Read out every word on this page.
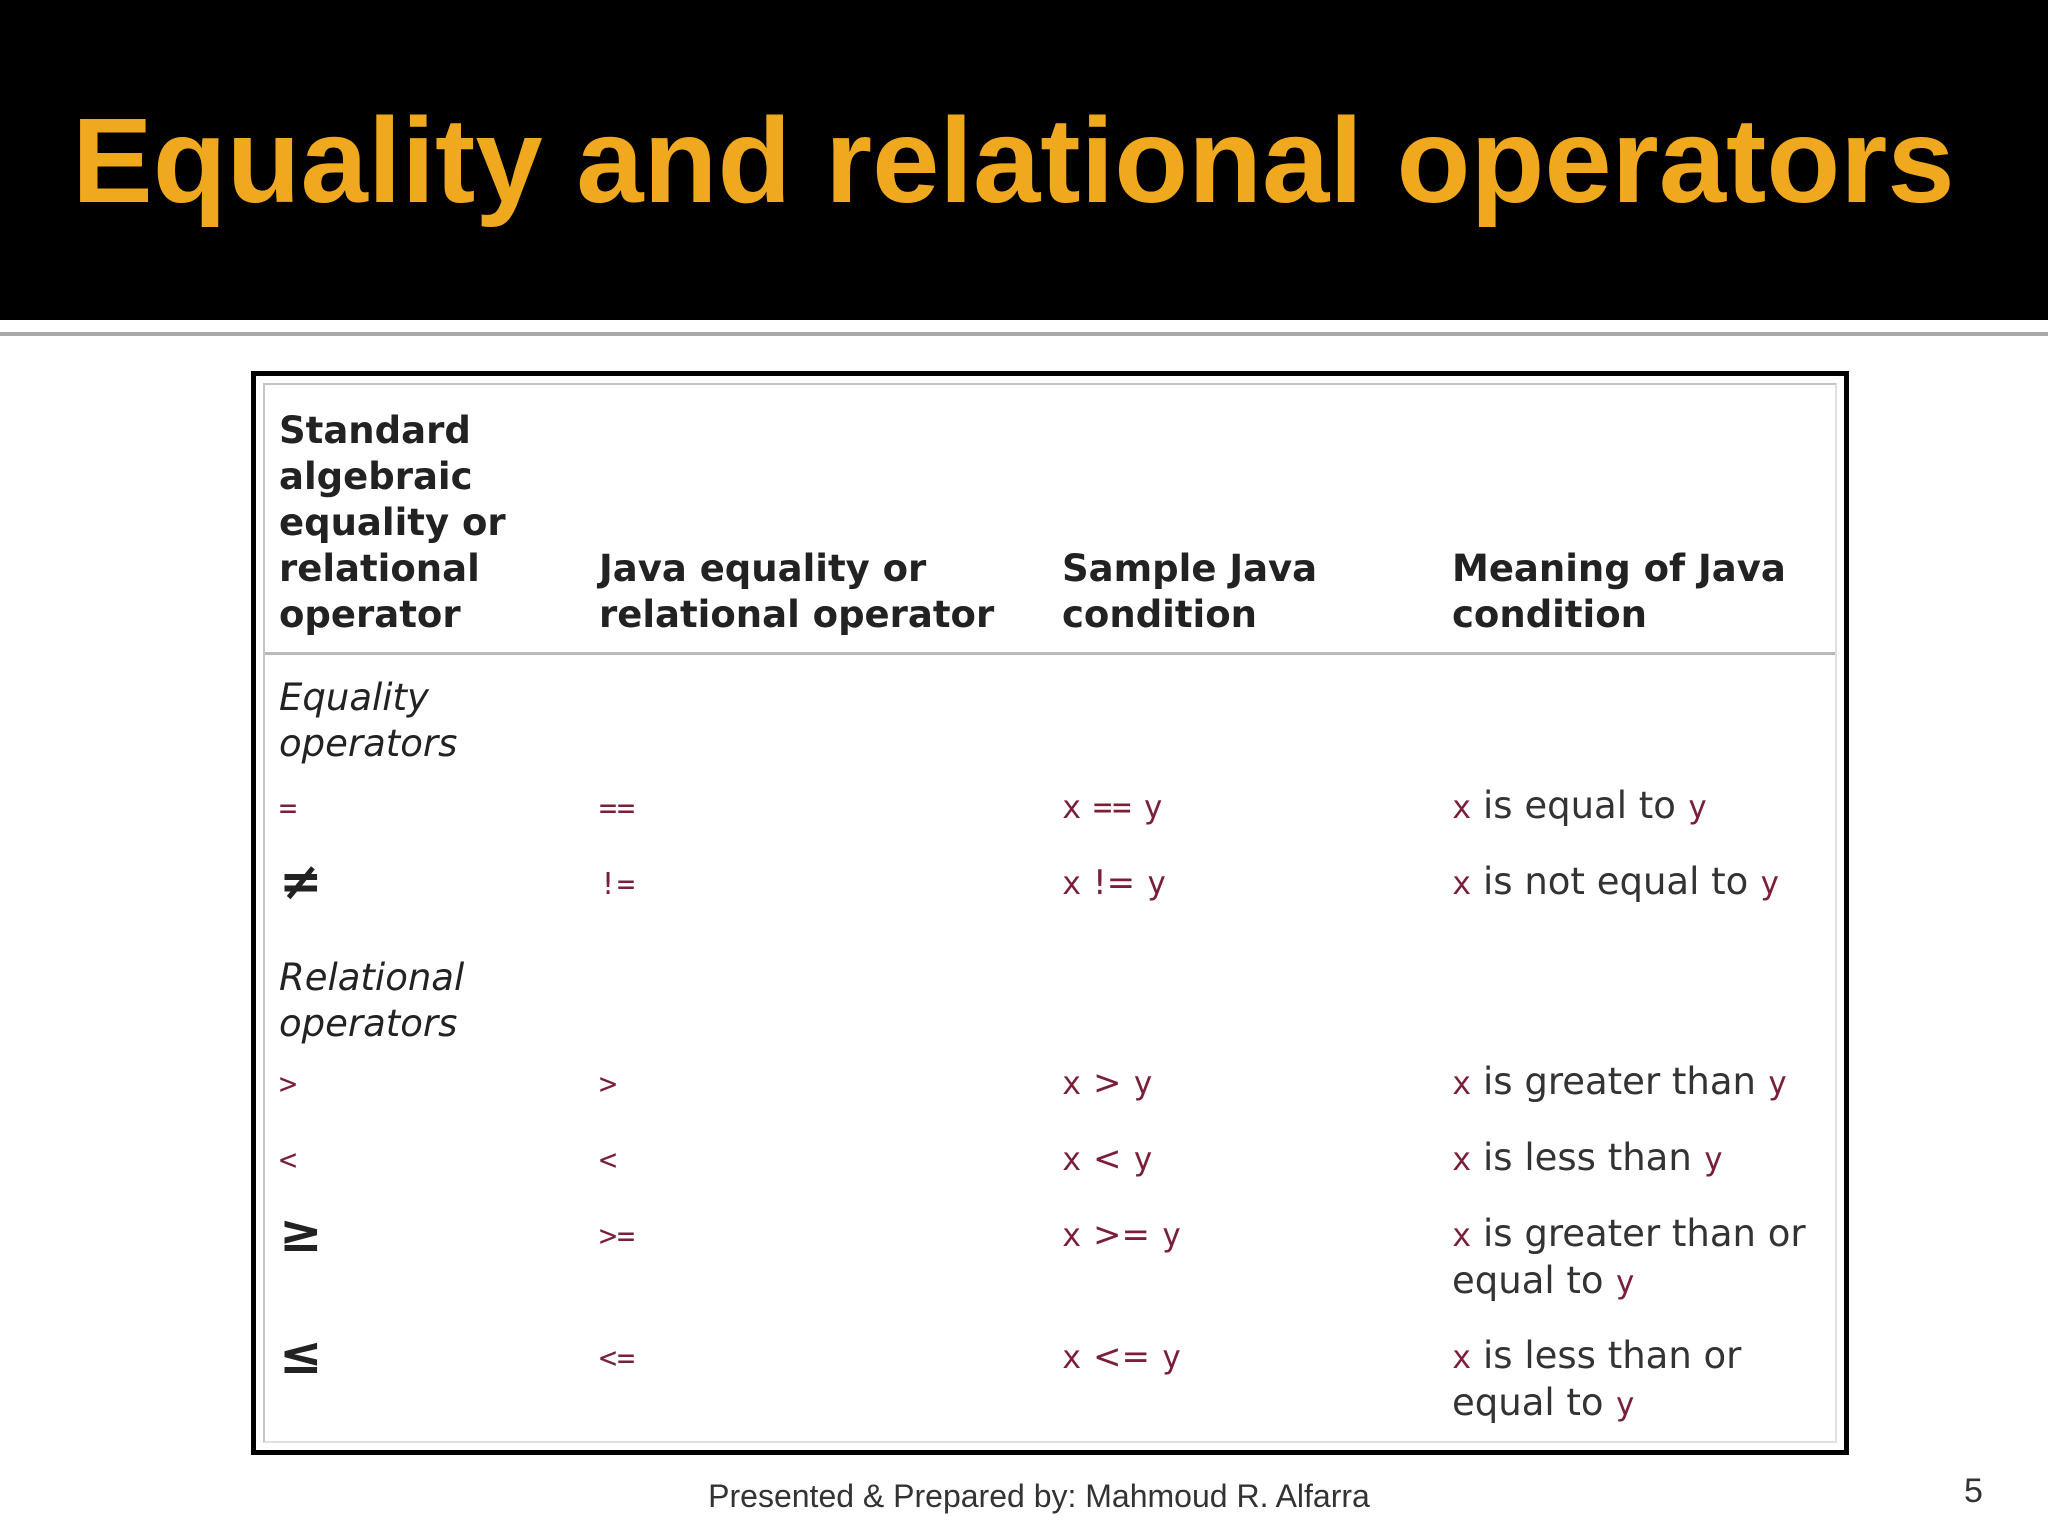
Equality and relational operators
Standard algebraic equality or relational operator	Java equality or relational operator	Sample Java condition	Meaning of Java condition
Equality operators			
=	==	x == y	x is equal to y
≠	!=	x != y	x is not equal to y
Relational operators			
>	>	x > y	x is greater than y
<	<	x < y	x is less than y
≥	>=	x >= y	x is greater than or equal to y
≤	<=	x <= y	x is less than or equal to y
Presented & Prepared by: Mahmoud R. Alfarra	5
